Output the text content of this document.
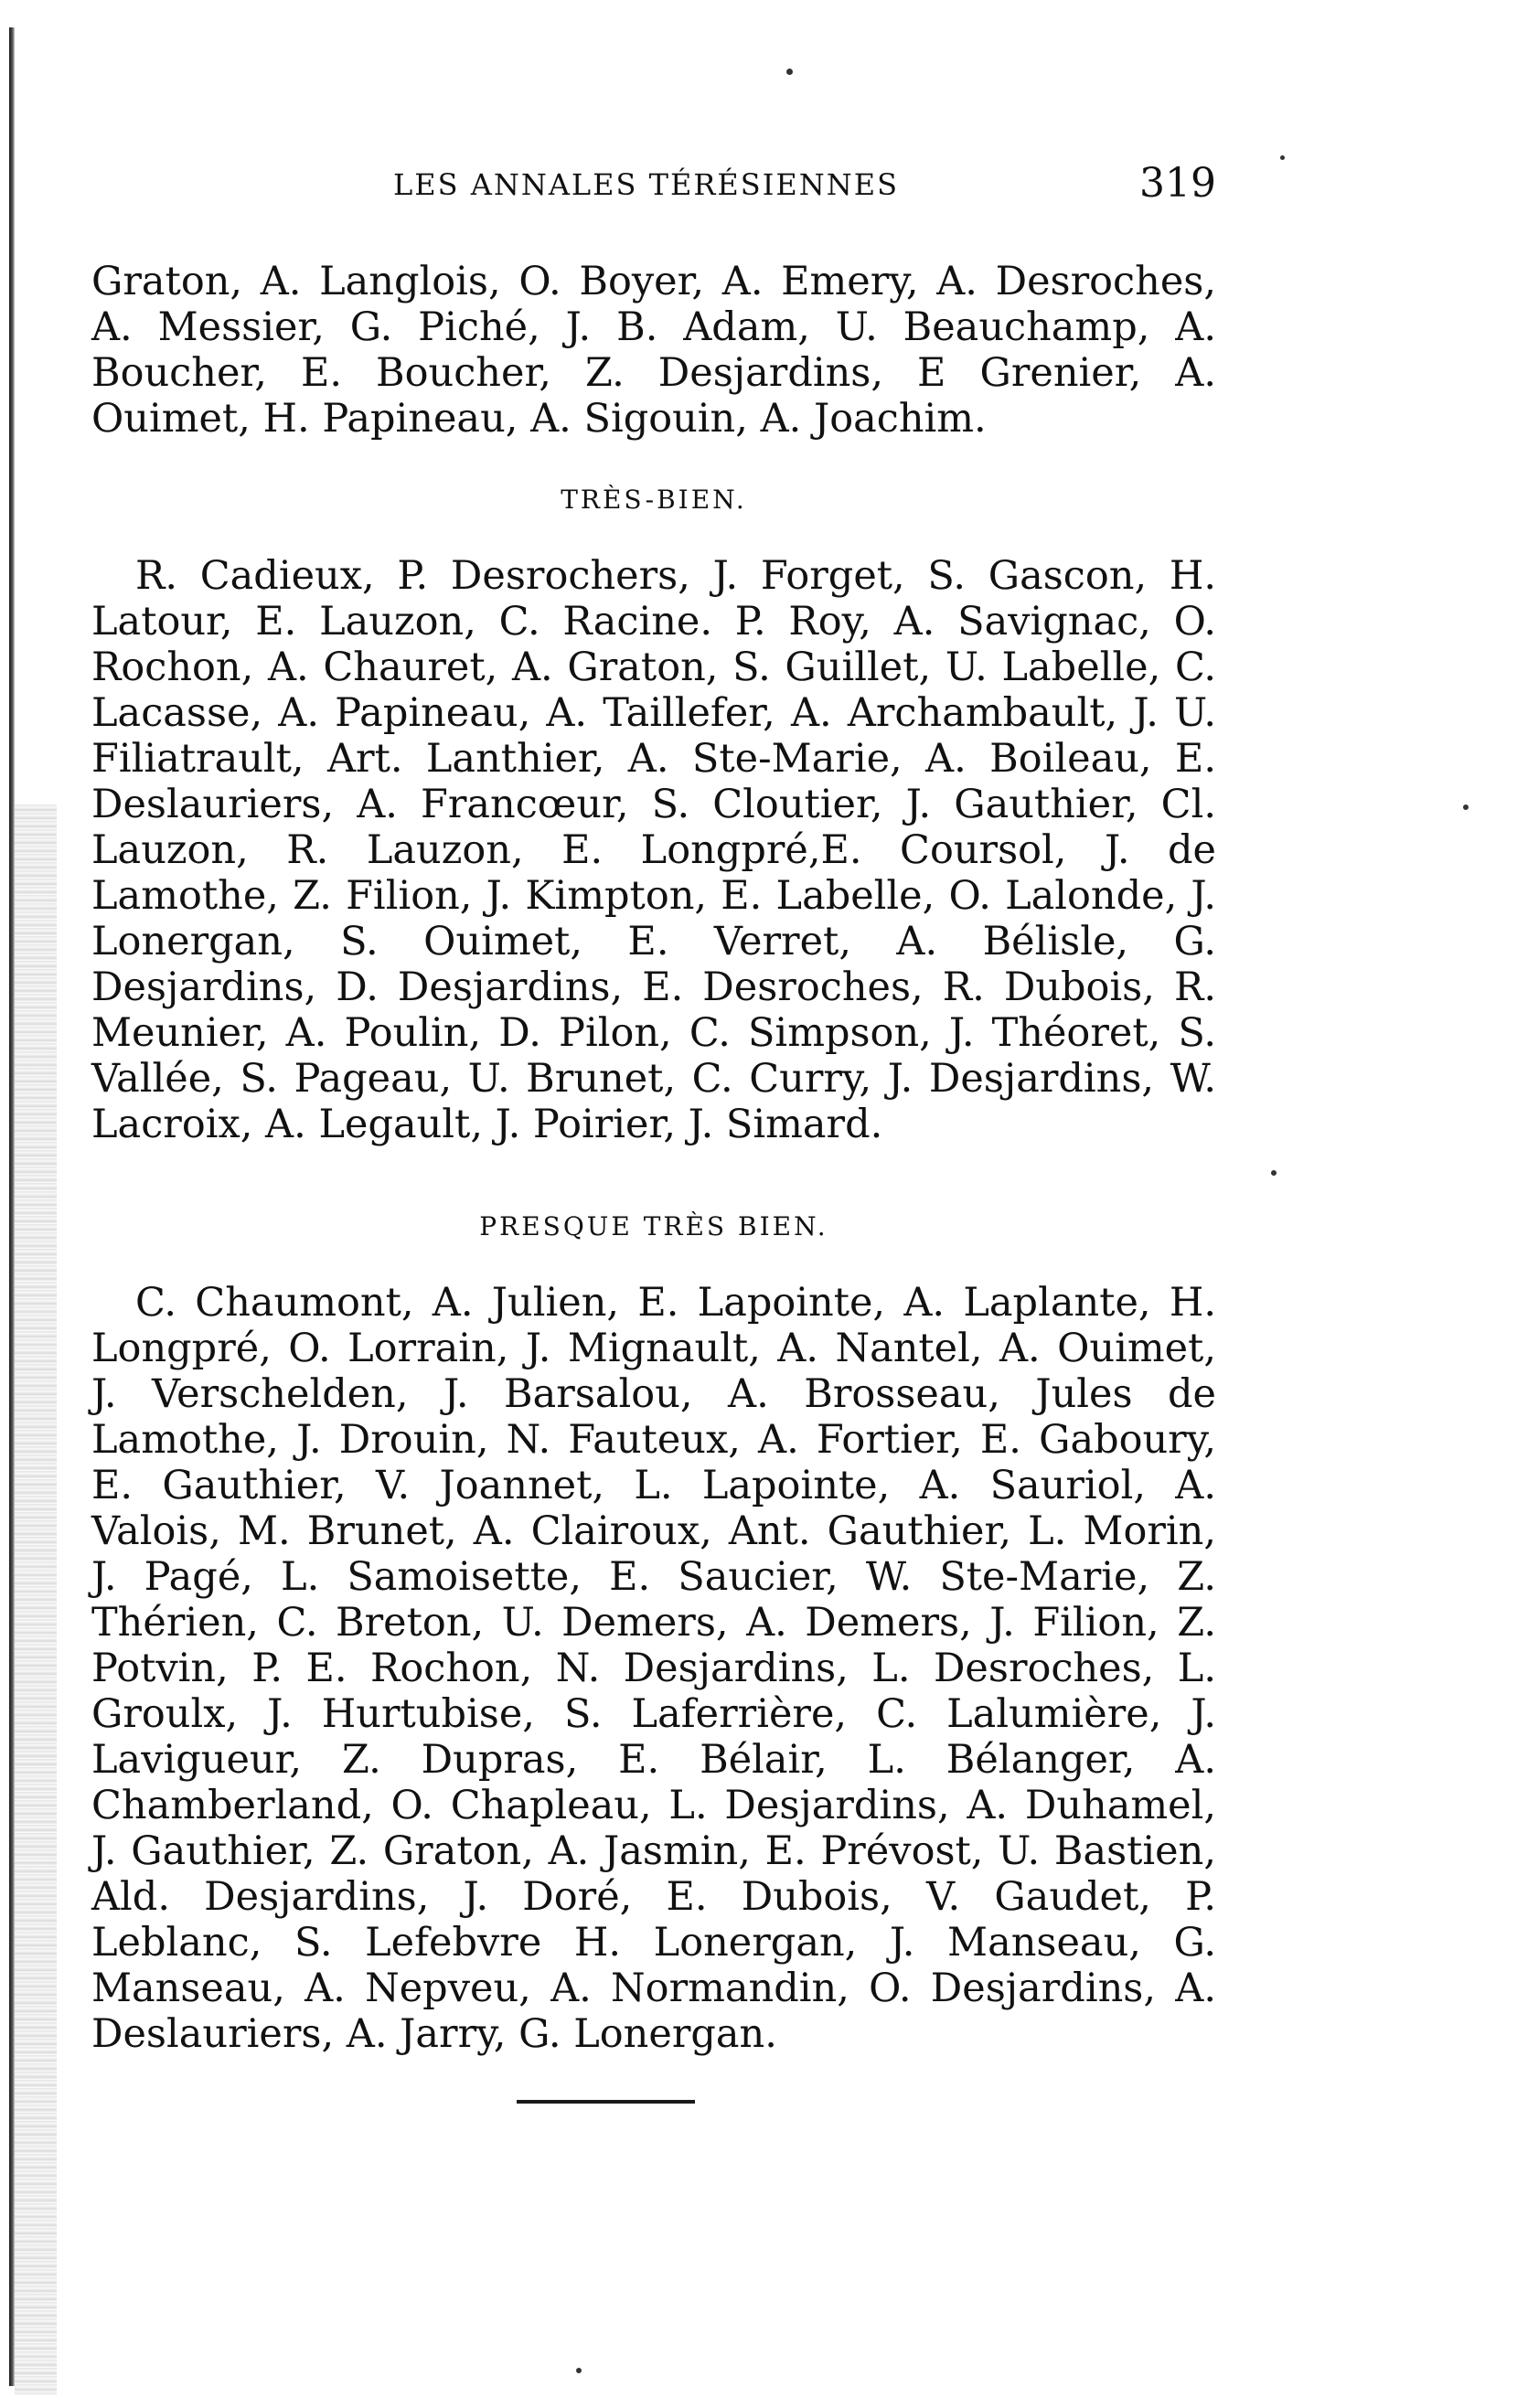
LES ANNALES TÉRÉSIENNES	319

Graton, A. Langlois, O. Boyer, A. Emery, A. Desroches, A. Messier, G. Piché, J. B. Adam, U. Beauchamp, A. Boucher, E. Boucher, Z. Desjardins, E Grenier, A. Ouimet, H. Papineau, A. Sigouin, A. Joachim.

TRÈS-BIEN.

R. Cadieux, P. Desrochers, J. Forget, S. Gascon, H. Latour, E. Lauzon, C. Racine. P. Roy, A. Savignac, O. Rochon, A. Chauret, A. Graton, S. Guillet, U. Labelle, C. Lacasse, A. Papineau, A. Taillefer, A. Archambault, J. U. Filiatrault, Art. Lanthier, A. Ste-Marie, A. Boileau, E. Deslauriers, A. Francœur, S. Cloutier, J. Gauthier, Cl. Lauzon, R. Lauzon, E. Longpré,E. Coursol, J. de Lamothe, Z. Filion, J. Kimpton, E. Labelle, O. Lalonde, J. Lonergan, S. Ouimet, E. Verret, A. Bélisle, G. Desjardins, D. Desjardins, E. Desroches, R. Dubois, R. Meunier, A. Poulin, D. Pilon, C. Simpson, J. Théoret, S. Vallée, S. Pageau, U. Brunet, C. Curry, J. Desjardins, W. Lacroix, A. Legault, J. Poirier, J. Simard.

PRESQUE TRÈS BIEN.

C. Chaumont, A. Julien, E. Lapointe, A. Laplante, H. Longpré, O. Lorrain, J. Mignault, A. Nantel, A. Ouimet, J. Verschelden, J. Barsalou, A. Brosseau, Jules de Lamothe, J. Drouin, N. Fauteux, A. Fortier, E. Gaboury, E. Gauthier, V. Joannet, L. Lapointe, A. Sauriol, A. Valois, M. Brunet, A. Clairoux, Ant. Gauthier, L. Morin, J. Pagé, L. Samoisette, E. Saucier, W. Ste-Marie, Z. Thérien, C. Breton, U. Demers, A. Demers, J. Filion, Z. Potvin, P. E. Rochon, N. Desjardins, L. Desroches, L. Groulx, J. Hurtubise, S. Laferrière, C. Lalumière, J. Lavigueur, Z. Dupras, E. Bélair, L. Bélanger, A. Chamberland, O. Chapleau, L. Desjardins, A. Duhamel, J. Gauthier, Z. Graton, A. Jasmin, E. Prévost, U. Bastien, Ald. Desjardins, J. Doré, E. Dubois, V. Gaudet, P. Leblanc, S. Lefebvre H. Lonergan, J. Manseau, G. Manseau, A. Nepveu, A. Normandin, O. Desjardins, A. Deslauriers, A. Jarry, G. Lonergan.
